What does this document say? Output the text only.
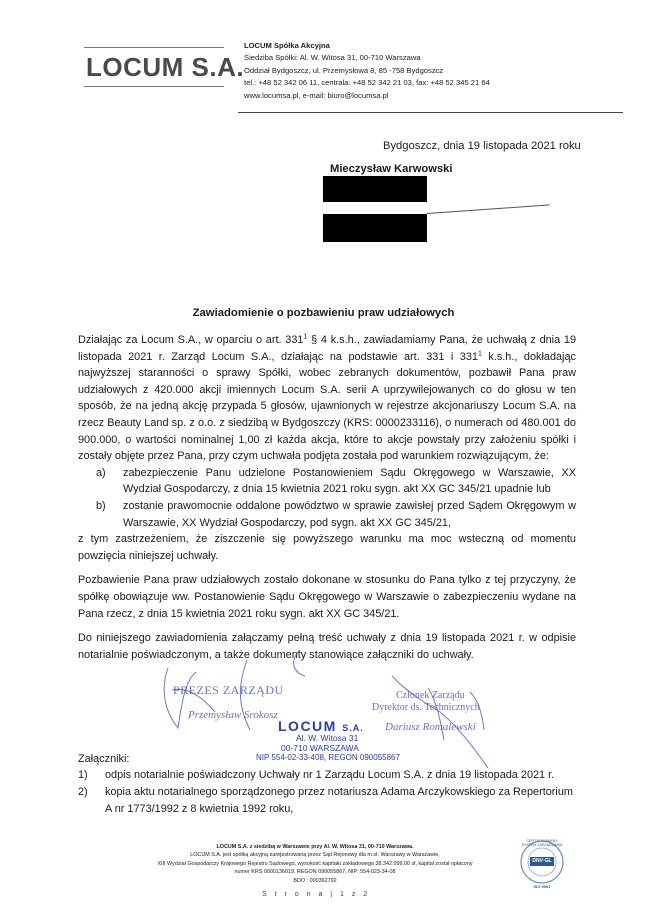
LOCUM S.A.
LOCUM Spółka Akcyjna
Siedziba Spółki: Al. W. Witosa 31, 00-710 Warszawa
Oddział Bydgoszcz, ul. Przemysłowa 8, 85 -758 Bydgoszcz
tel.: +48 52 342 06 11, centrala: +48 52 342 21 03, fax: +48 52 345 21 64
www.locumsa.pl, e-mail: biuro@locumsa.pl
Bydgoszcz, dnia 19 listopada 2021 roku
Mieczysław Karwowski
Zawiadomienie o pozbawieniu praw udziałowych

Działając za Locum S.A., w oparciu o art. $331^1$ § 4 k.s.h., zawiadamiamy Pana, że uchwałą z dnia 19 listopada 2021 r. Zarząd Locum S.A., działając na podstawie art. 331 i $331^1$ k.s.h., dokładając najwyższej staranności o sprawy Spółki, wobec zebranych dokumentów, pozbawił Pana praw udziałowych z 420.000 akcji imiennych Locum S.A. serii A uprzywilejowanych co do głosu w ten sposób, że na jedną akcję przypada 5 głosów, ujawnionych w rejestrze akcjonariuszy Locum S.A. na rzecz Beauty Land sp. z o.o. z siedzibą w Bydgoszczy (KRS: 0000233116), o numerach od 480.001 do 900.000, o wartości nominalnej 1,00 zł każda akcja, które to akcje powstały przy założeniu spółki i zostały objęte przez Pana, przy czym uchwała podjęta została pod warunkiem rozwiązującym, że:

a)	zabezpieczenie Panu udzielone Postanowieniem Sądu Okręgowego w Warszawie, XX Wydział Gospodarczy, z dnia 15 kwietnia 2021 roku sygn. akt XX GC 345/21 upadnie lub
b)	zostanie prawomocnie oddalone powództwo w sprawie zawisłej przed Sądem Okręgowym w Warszawie, XX Wydział Gospodarczy, pod sygn. akt XX GC 345/21,

z tym zastrzeżeniem, że ziszczenie się powyższego warunku ma moc wsteczną od momentu powzięcia niniejszej uchwały.

Pozbawienie Pana praw udziałowych zostało dokonane w stosunku do Pana tylko z tej przyczyny, że spółkę obowiązuje ww. Postanowienie Sądu Okręgowego w Warszawie o zabezpieczeniu wydane na Pana rzecz, z dnia 15 kwietnia 2021 roku sygn. akt XX GC 345/21.

Do niniejszego zawiadomienia załączamy pełną treść uchwały z dnia 19 listopada 2021 r. w odpisie notarialnie poświadczonym, a także dokumenty stanowiące załączniki do uchwały.

PREZES ZARZĄDU
Przemysław Srokosz
Członek Zarządu
Dyrektor ds. Technicznych
Dariusz Romalewski
LOCUM S.A.
Al. W. Witosa 31
00-710 WARSZAWA
NIP 554-02-33-408, REGON 090055867
Załączniki:
1)	odpis notarialnie poświadczony Uchwały nr 1 Zarządu Locum S.A. z dnia 19 listopada 2021 r.
2)	kopia aktu notarialnego sporządzonego przez notariusza Adama Arczykowskiego za Repertorium A nr 1773/1992 z 8 kwietnia 1992 roku,
LOCUM S.A. z siedzibą w Warszawie przy Al. W. Witosa 31, 00-710 Warszawa.
LOCUM S.A. jest spółką akcyjną zarejestrowaną przez Sąd Rejonowy dla m.st. Warszawy w Warszawie,
XIII Wydział Gospodarczy Krajowego Rejestru Sądowego, wysokość kapitału zakładowego 38.342.099,00 zł, kapitał został opłacony
numer KRS 0000136019, REGON 090055867, NIP: 554-023-34-08
BDO : 000362792
S t r o n a | 1 z 2
CERTYFIKOWANY SYSTEM ZARZĄDZANIA
DNV·GL
ISO 9001
